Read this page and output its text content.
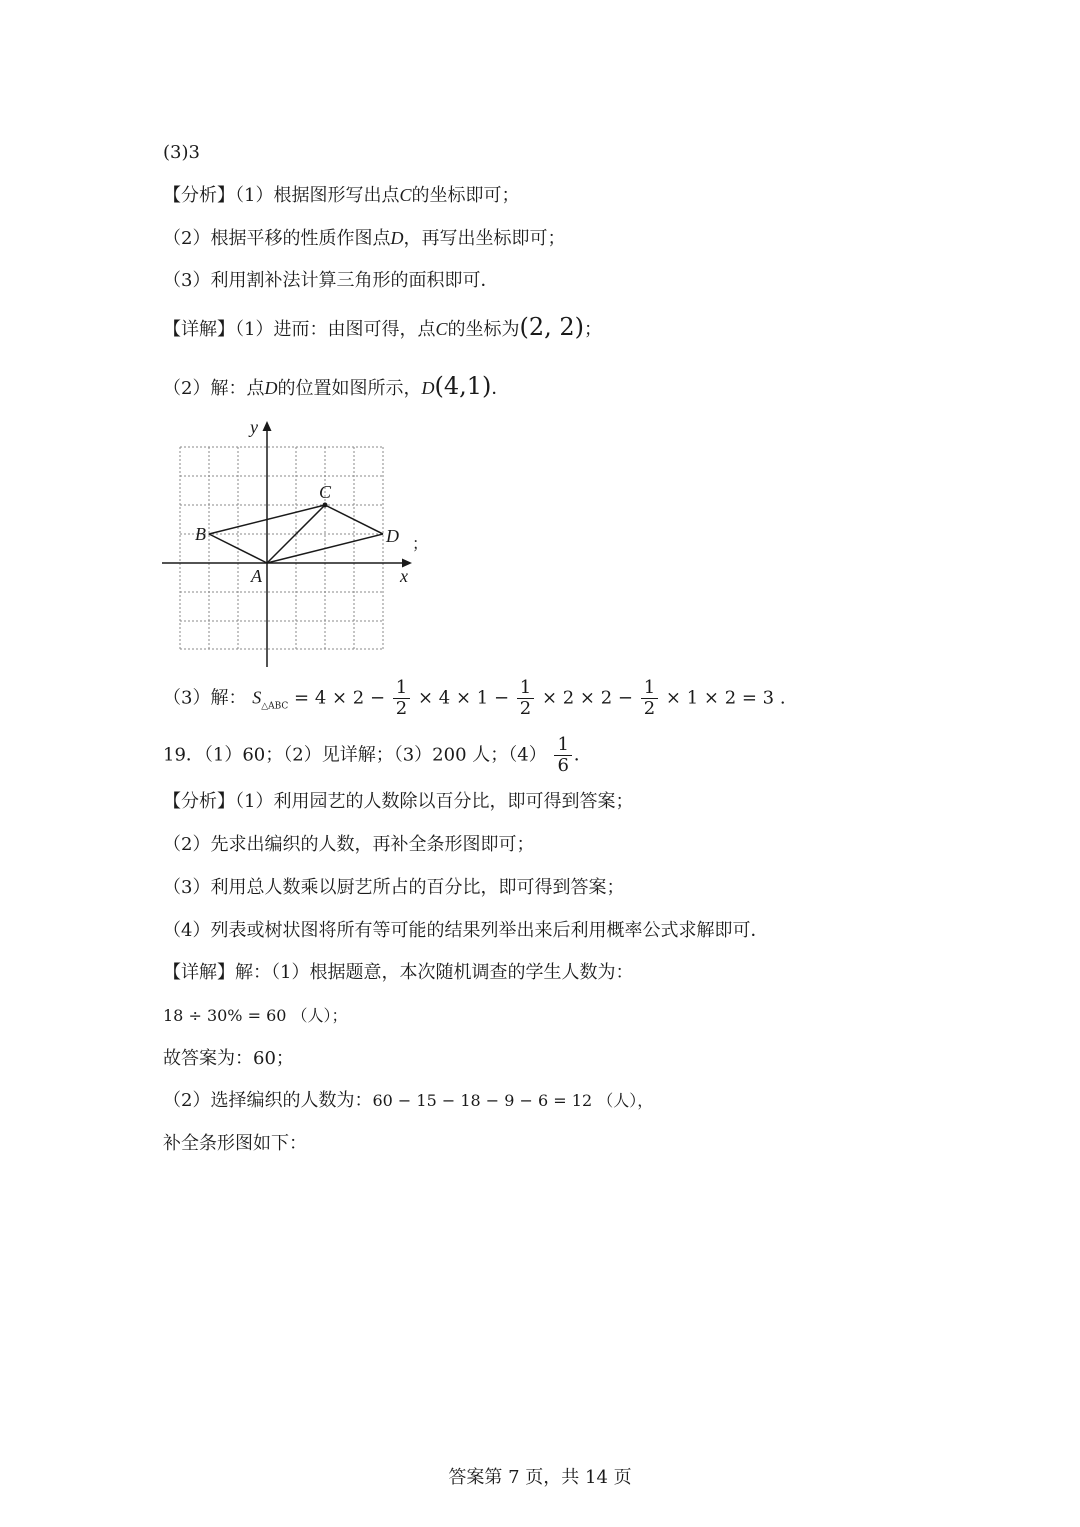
(3)3
【分析】（1）根据图形写出点C的坐标即可；
（2）根据平移的性质作图点D，再写出坐标即可；
（3）利用割补法计算三角形的面积即可．
【详解】（1）进而：由图可得，点C的坐标为(2, 2)；
（2）解：点D的位置如图所示，D(4,1)．
y
x
A
B
C
D ；
（3）解： $S_{\triangle ABC} = 4 \times 2 - \frac{1}{2} \times 4 \times 1 - \frac{1}{2} \times 2 \times 2 - \frac{1}{2} \times 1 \times 2 = 3$ .
19．（1）60；（2）见详解；（3）200 人；$(4) \frac{1}{6}$ ．
【分析】（1）利用园艺的人数除以百分比，即可得到答案；
（2）先求出编织的人数，再补全条形图即可；
（3）利用总人数乘以厨艺所占的百分比，即可得到答案；
（4）列表或树状图将所有等可能的结果列举出来后利用概率公式求解即可．
【详解】解：（1）根据题意，本次随机调查的学生人数为：
18 ÷ 30% = 60 （人）；
故答案为：60；
（2）选择编织的人数为：60 − 15 − 18 − 9 − 6 = 12 （人），
补全条形图如下：
答案第 7 页，共 14 页
